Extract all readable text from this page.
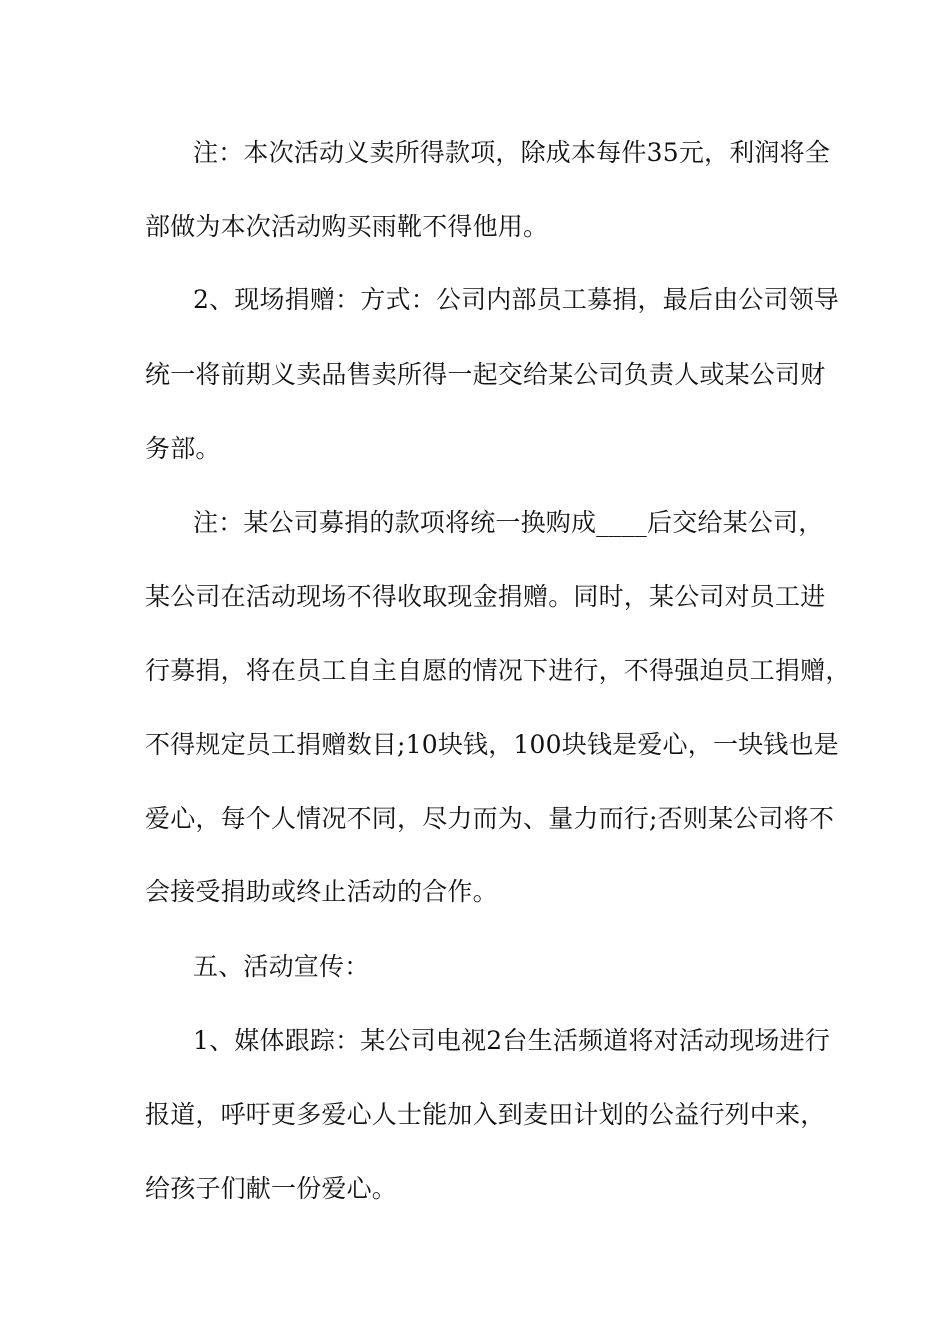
注：本次活动义卖所得款项，除成本每件35元，利润将全
部做为本次活动购买雨靴不得他用。
2、现场捐赠：方式：公司内部员工募捐，最后由公司领导
统一将前期义卖品售卖所得一起交给某公司负责人或某公司财
务部。
注：某公司募捐的款项将统一换购成____后交给某公司，
某公司在活动现场不得收取现金捐赠。同时，某公司对员工进
行募捐，将在员工自主自愿的情况下进行，不得强迫员工捐赠，
不得规定员工捐赠数目;10块钱，100块钱是爱心，一块钱也是
爱心，每个人情况不同，尽力而为、量力而行;否则某公司将不
会接受捐助或终止活动的合作。
五、活动宣传：
1、媒体跟踪：某公司电视2台生活频道将对活动现场进行
报道，呼吁更多爱心人士能加入到麦田计划的公益行列中来，
给孩子们献一份爱心。
